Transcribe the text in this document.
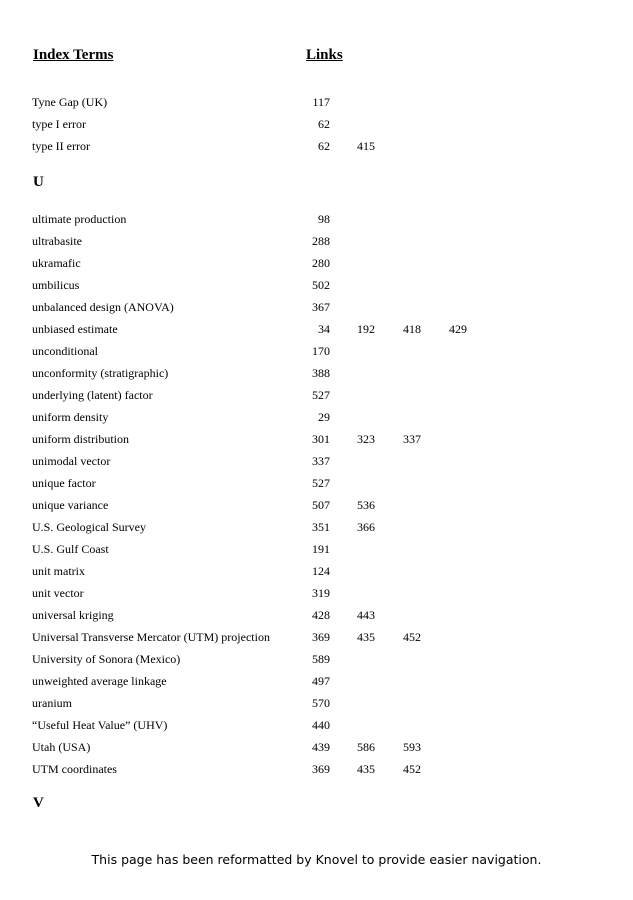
Index Terms	Links
Tyne Gap (UK)	117
type I error	62
type II error	62	415
U
ultimate production	98
ultrabasite	288
ukramafic	280
umbilicus	502
unbalanced design (ANOVA)	367
unbiased estimate	34	192	418	429
unconditional	170
unconformity (stratigraphic)	388
underlying (latent) factor	527
uniform density	29
uniform distribution	301	323	337
unimodal vector	337
unique factor	527
unique variance	507	536
U.S. Geological Survey	351	366
U.S. Gulf Coast	191
unit matrix	124
unit vector	319
universal kriging	428	443
Universal Transverse Mercator (UTM) projection	369	435	452
University of Sonora (Mexico)	589
unweighted average linkage	497
uranium	570
“Useful Heat Value” (UHV)	440
Utah (USA)	439	586	593
UTM coordinates	369	435	452
V
This page has been reformatted by Knovel to provide easier navigation.
